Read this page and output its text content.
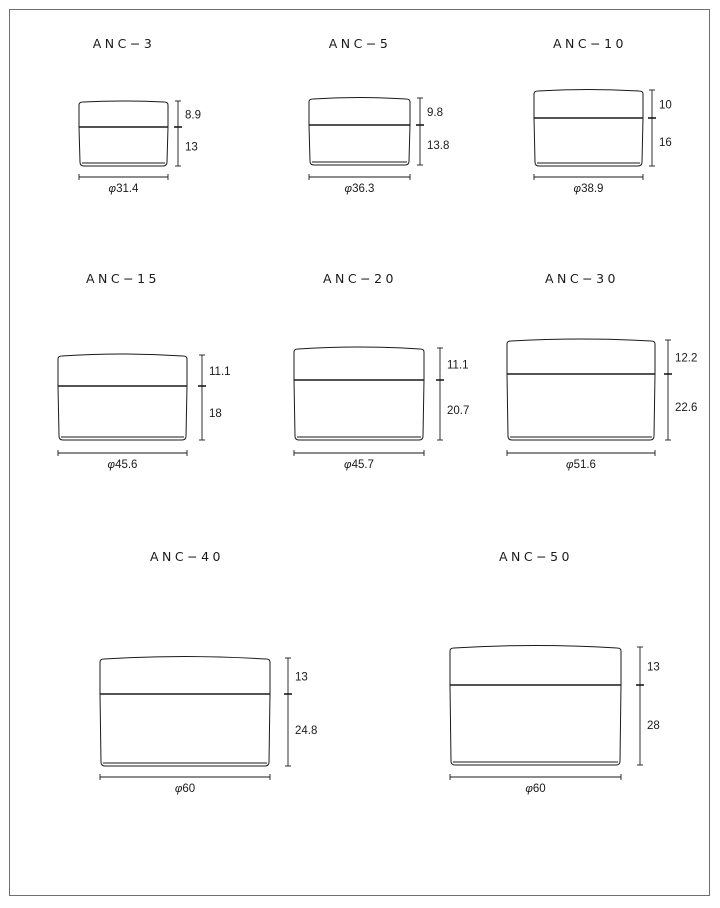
ANC−3
8.9
13
φ31.4
ANC−5
9.8
13.8
φ36.3
ANC−10
10
16
φ38.9
ANC−15
11.1
18
φ45.6
ANC−20
11.1
20.7
φ45.7
ANC−30
12.2
22.6
φ51.6
ANC−40
13
24.8
φ60
ANC−50
13
28
φ60
